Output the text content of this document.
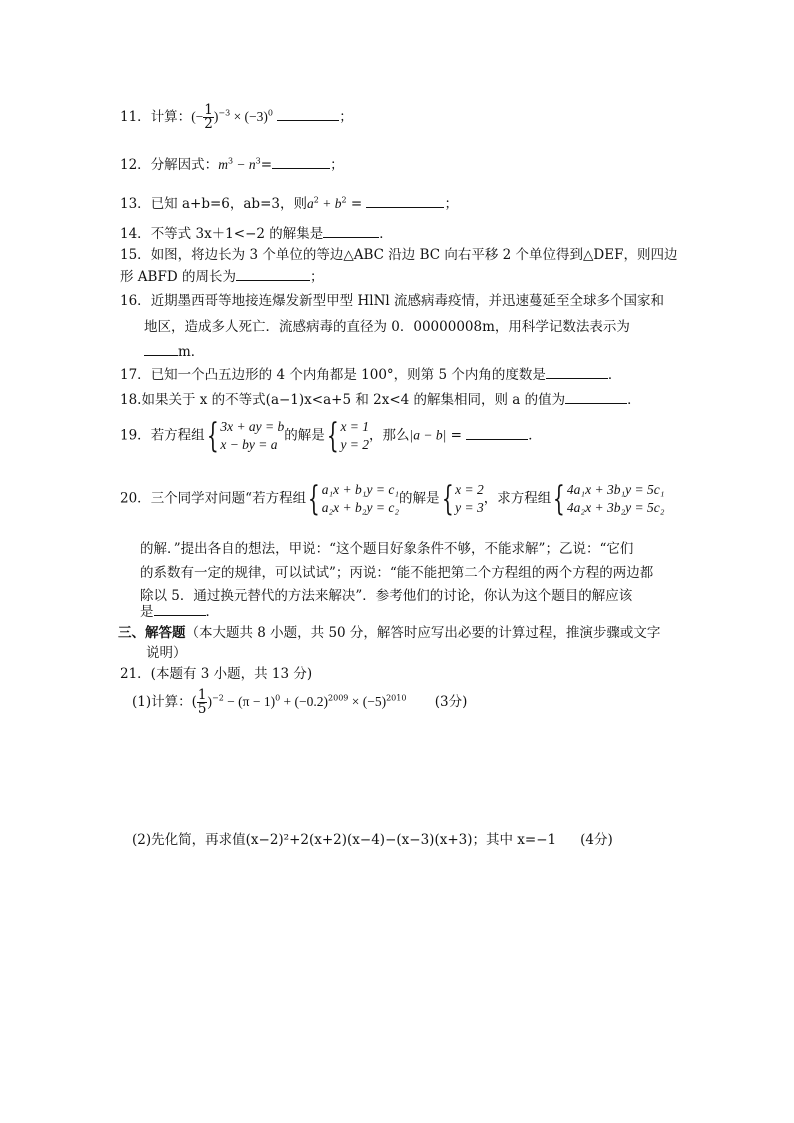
11．计算：(− $\frac{1}{2} )^{-3} \times (-3)^0$	；
12．分解因式：$m^3 - n^3=$	；
13．已知 a+b=6，ab=3，则$a^2 + b^2$ =	；
14．不等式 3x＋1<−2 的解集是	．
15．如图，将边长为 3 个单位的等边△ABC 沿边 BC 向右平移 2 个单位得到△DEF，则四边
形 ABFD 的周长为	；
16．近期墨西哥等地接连爆发新型甲型 HlNl 流感病毒疫情，并迅速蔓延至全球多个国家和
地区，造成多人死亡．流感病毒的直径为 0．00000008m，用科学记数法表示为
m．
17．已知一个凸五边形的 4 个内角都是 100°，则第 5 个内角的度数是	．
18.如果关于 x 的不等式(a−1)x<a+5 和 2x<4 的解集相同，则 a 的值为	．
19．若方程组{ 3x + ay = b
x − by = a
的解是{ x = 1
y = 2
，那么|a − b| =	．
20．三个同学对问题“若方程组{ a₁x + b₁y = c₁
a₂x + b₂y = c₂
的解是{ x = 2
y = 3
，求方程组{ 4a₁x + 3b₁y = 5c₁
4a₂x + 3b₂y = 5c₂
的解．”提出各自的想法，甲说：“这个题目好象条件不够，不能求解”；乙说：“它们
的系数有一定的规律，可以试试”；丙说：“能不能把第二个方程组的两个方程的两边都
除以 5．通过换元替代的方法来解决”．参考他们的讨论，你认为这个题目的解应该
是	．
三、解答题（本大题共 8 小题，共 50 分，解答时应写出必要的计算过程，推演步骤或文字
说明）
21．(本题有 3 小题，共 13 分)
(1)计算：( $\frac{1}{5} )^{-2} - (\pi - 1)^0 + (-0.2)^{2009} \times (-5)^{2010}$ (3分)
(2)先化简，再求值(x−2)²+2(x+2)(x−4)−(x−3)(x+3)；其中 x=−1 (4分)
